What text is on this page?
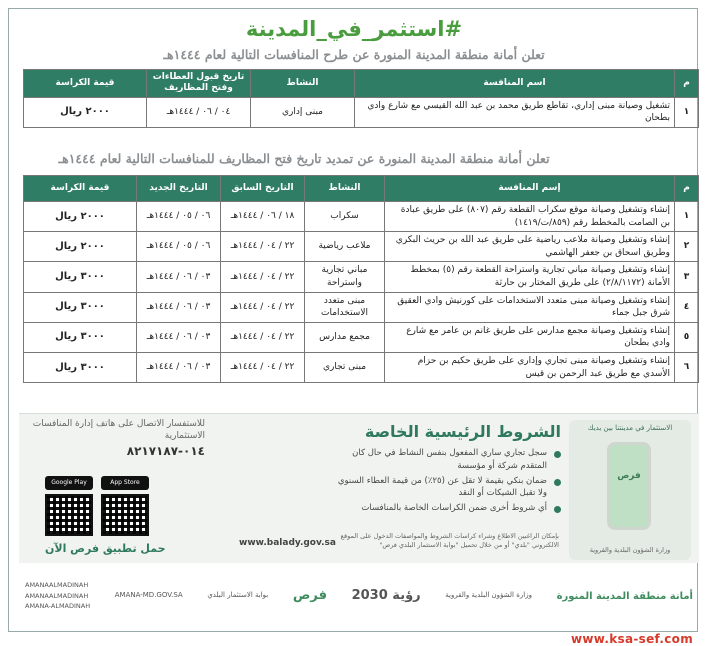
#استثمر_في_المدينة
تعلن أمانة منطقة المدينة المنورة عن طرح المنافسات التالية لعام ١٤٤٤هـ
م	اسم المنافسة	النشاط	تاريخ قبول العطاءات وفتح المظاريف	قيمة الكراسة
١	تشغيل وصيانة مبنى إداري، تقاطع طريق محمد بن عبد الله القيسي مع شارع وادي بطحان	مبنى إداري	٠٤ / ٠٦ / ١٤٤٤هـ	٢٠٠٠ ريال
تعلن أمانة منطقة المدينة المنورة عن تمديد تاريخ فتح المظاريف للمنافسات التالية لعام ١٤٤٤هـ
م	إسم المنافسة	النشاط	التاريخ السابق	التاريخ الجديد	قيمة الكراسة
١	إنشاء وتشغيل وصيانة موقع سكراب القطعة رقم (٨٠٧) على طريق عبادة بن الصامت بالمخطط رقم (٨٥٩/ت/١٤١٩)	سكراب	١٨ / ٠٦ / ١٤٤٤هـ	٠٦ / ٠٥ / ١٤٤٤هـ	٢٠٠٠ ريال
٢	إنشاء وتشغيل وصيانة ملاعب رياضية على طريق عبد الله بن حريث البكري وطريق اسحاق بن جعفر الهاشمي	ملاعب رياضية	٢٢ / ٠٤ / ١٤٤٤هـ	٠٦ / ٠٥ / ١٤٤٤هـ	٢٠٠٠ ريال
٣	إنشاء وتشغيل وصيانة مباني تجارية واستراحة القطعة رقم (٥) بمخطط الأمانة (٢/٨/١١٧٢) على طريق المختار بن حارثة	مباني تجارية واستراحة	٢٢ / ٠٤ / ١٤٤٤هـ	٠٣ / ٠٦ / ١٤٤٤هـ	٣٠٠٠ ريال
٤	إنشاء وتشغيل وصيانة مبنى متعدد الاستخدامات على كورنيش وادي العقيق شرق جبل جماء	مبنى متعدد الاستخدامات	٢٢ / ٠٤ / ١٤٤٤هـ	٠٣ / ٠٦ / ١٤٤٤هـ	٣٠٠٠ ريال
٥	إنشاء وتشغيل وصيانة مجمع مدارس على طريق غانم بن عامر مع شارع وادي بطحان	مجمع مدارس	٢٢ / ٠٤ / ١٤٤٤هـ	٠٣ / ٠٦ / ١٤٤٤هـ	٣٠٠٠ ريال
٦	إنشاء وتشغيل وصيانة مبنى تجاري وإداري على طريق حكيم بن حزام الأسدي مع طريق عبد الرحمن بن قيس	مبنى تجاري	٢٢ / ٠٤ / ١٤٤٤هـ	٠٣ / ٠٦ / ١٤٤٤هـ	٣٠٠٠ ريال
الاستثمار في مدينتنا بين يديك
فرص
وزارة الشؤون البلدية والقروية
الشروط الرئيسية الخاصة
سجل تجاري ساري المفعول بنفس النشاط في حال كان المتقدم شركة أو مؤسسة
ضمان بنكي بقيمة لا تقل عن (٢٥٪) من قيمة العطاء السنوي ولا تقبل الشيكات أو النقد
أي شروط أخرى ضمن الكراسات الخاصة بالمنافسات
بإمكان الراغبين الاطلاع وشراء كراسات الشروط والمواصفات الدخول على الموقع الالكتروني "بلدي" أو من خلال تحميل "بوابة الاستثمار البلدي فرص"
www.balady.gov.sa
للاستفسار الاتصال على هاتف إدارة المنافسات الاستثمارية
٠١٤-٨٢١٧١٨٧
Google Play	App Store
حمل تطبيق فرص الآن
AMANAALMADINAH
AMANAALMADINAH
AMANA-ALMADINAH
AMANA-MD.GOV.SA	بوابة الاستثمار البلدي فرص رؤية 2030	وزارة الشؤون البلدية والقروية أمانة منطقة المدينة المنورة
www.ksa-sef.com
